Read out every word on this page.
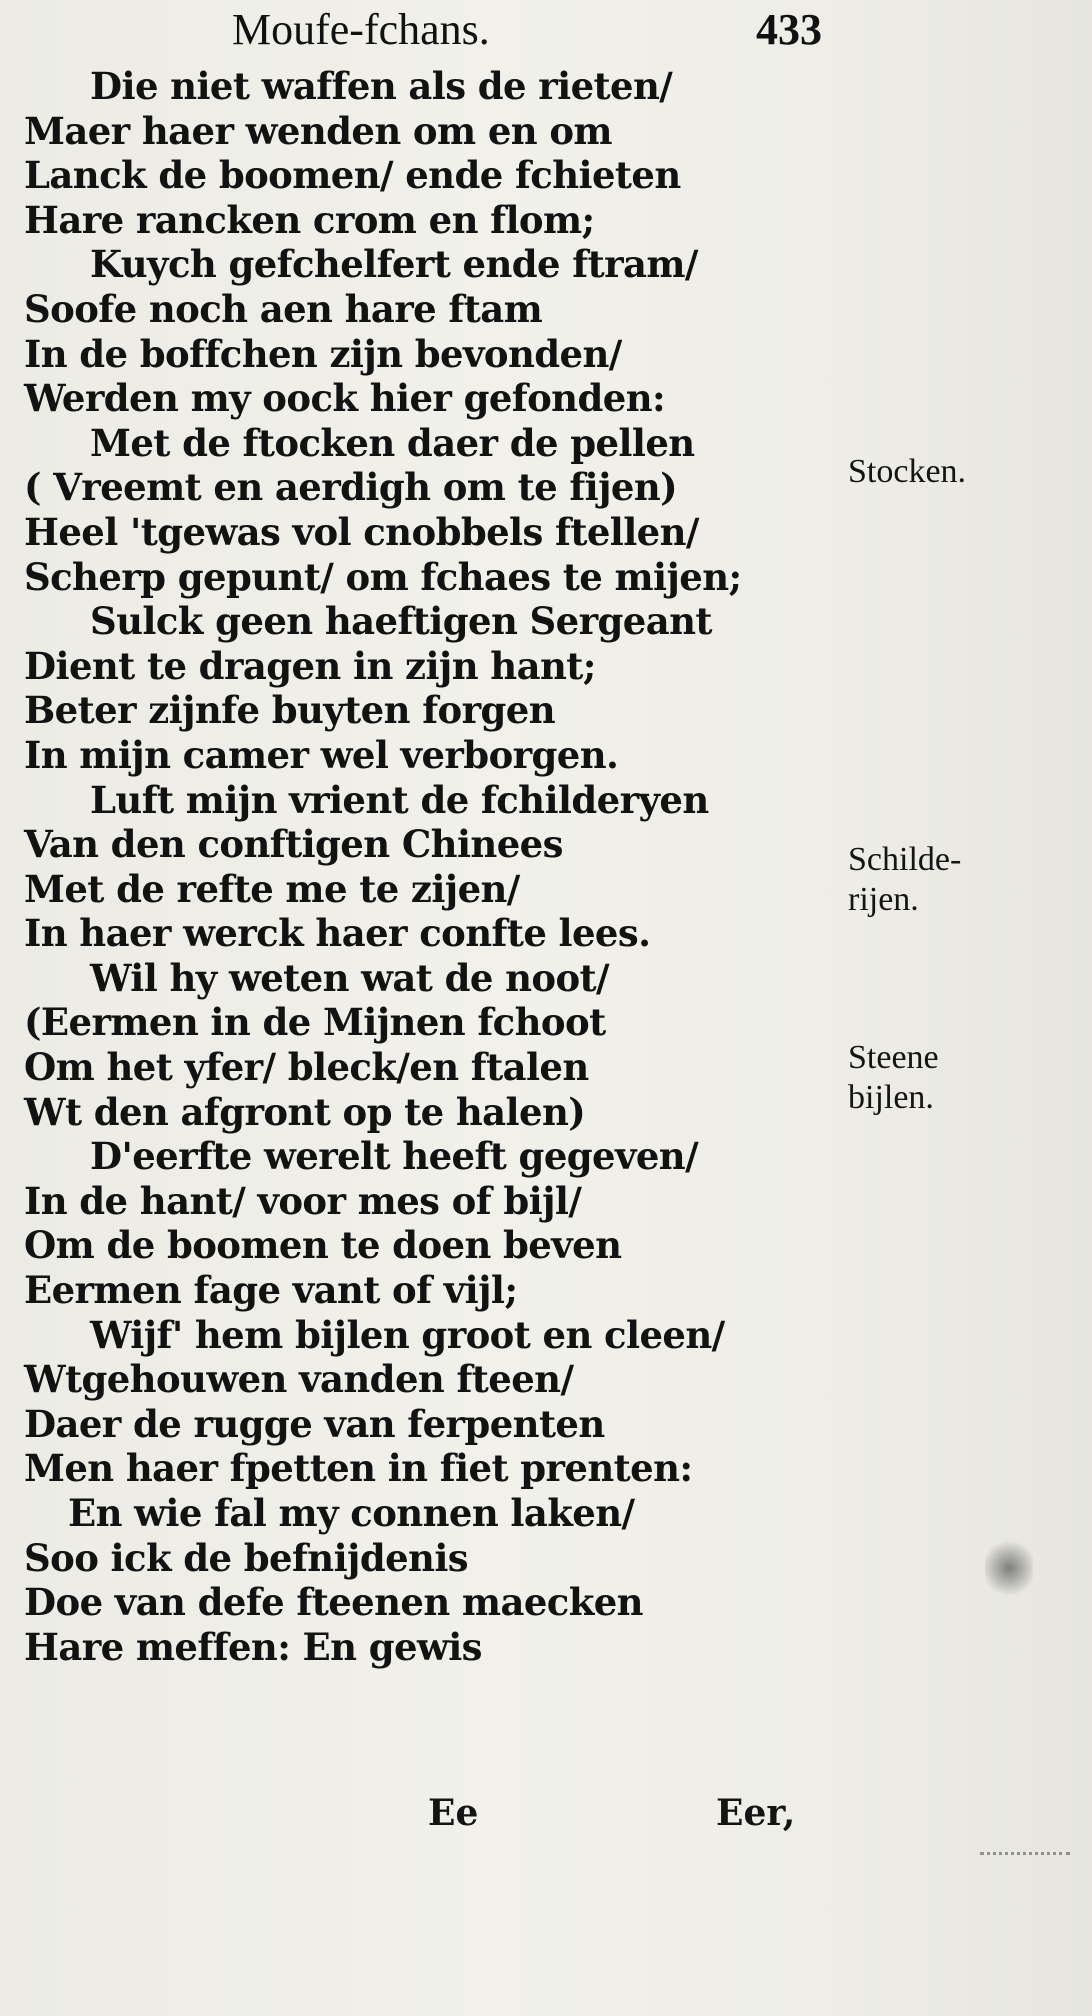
Moufe-fchans.	433
Die niet waffen als de rieten/
Maer haer wenden om en om
Lanck de boomen/ ende fchieten
Hare rancken crom en flom;
Kuych gefchelfert ende ftram/
Soofe noch aen hare ftam
In de boffchen zijn bevonden/
Werden my oock hier gefonden:
Met de ftocken daer de pellen
( Vreemt en aerdigh om te fijen)
Heel 'tgewas vol cnobbels ftellen/
Scherp gepunt/ om fchaes te mijen;
Sulck geen haeftigen Sergeant
Dient te dragen in zijn hant;
Beter zijnfe buyten forgen
In mijn camer wel verborgen.
Luft mijn vrient de fchilderyen
Van den conftigen Chinees
Met de refte me te zijen/
In haer werck haer confte lees.
Wil hy weten wat de noot/
(Eermen in de Mijnen fchoot
Om het yfer/ bleck/en ftalen
Wt den afgront op te halen)
D'eerfte werelt heeft gegeven/
In de hant/ voor mes of bijl/
Om de boomen te doen beven
Eermen fage vant of vijl;
Wijf' hem bijlen groot en cleen/
Wtgehouwen vanden fteen/
Daer de rugge van ferpenten
Men haer fpetten in fiet prenten:
En wie fal my connen laken/
Soo ick de befnijdenis
Doe van defe fteenen maecken
Hare meffen: En gewis
Stocken.
Schilde-
rijen.
Steene
bijlen.
Ee	Eer,
